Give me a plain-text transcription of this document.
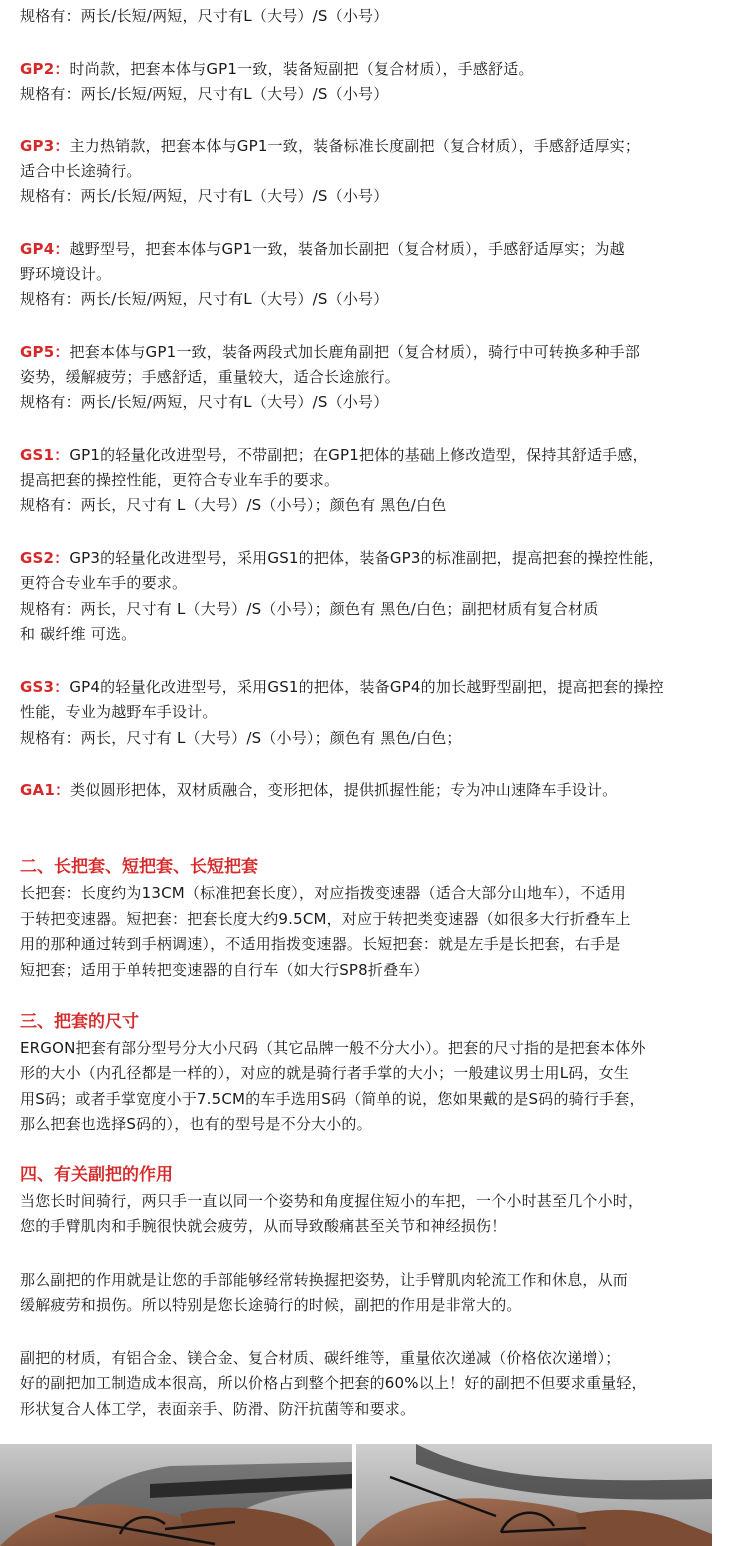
规格有：两长/长短/两短，尺寸有L（大号）/S（小号）
GP2：时尚款，把套本体与GP1一致，装备短副把（复合材质），手感舒适。
规格有：两长/长短/两短，尺寸有L（大号）/S（小号）
GP3：主力热销款，把套本体与GP1一致，装备标准长度副把（复合材质），手感舒适厚实；
适合中长途骑行。
规格有：两长/长短/两短，尺寸有L（大号）/S（小号）
GP4：越野型号，把套本体与GP1一致，装备加长副把（复合材质），手感舒适厚实；为越
野环境设计。
规格有：两长/长短/两短，尺寸有L（大号）/S（小号）
GP5：把套本体与GP1一致，装备两段式加长鹿角副把（复合材质），骑行中可转换多种手部
姿势，缓解疲劳；手感舒适，重量较大，适合长途旅行。
规格有：两长/长短/两短，尺寸有L（大号）/S（小号）
GS1：GP1的轻量化改进型号，不带副把；在GP1把体的基础上修改造型，保持其舒适手感，
提高把套的操控性能，更符合专业车手的要求。
规格有：两长，尺寸有 L（大号）/S（小号）；颜色有 黑色/白色
GS2：GP3的轻量化改进型号，采用GS1的把体，装备GP3的标准副把，提高把套的操控性能，
更符合专业车手的要求。
规格有：两长，尺寸有 L（大号）/S（小号）；颜色有 黑色/白色；副把材质有复合材质
和 碳纤维 可选。
GS3：GP4的轻量化改进型号，采用GS1的把体，装备GP4的加长越野型副把，提高把套的操控
性能，专业为越野车手设计。
规格有：两长，尺寸有 L（大号）/S（小号）；颜色有 黑色/白色；
GA1：类似圆形把体，双材质融合，变形把体，提供抓握性能；专为冲山速降车手设计。
二、长把套、短把套、长短把套
长把套：长度约为13CM（标准把套长度），对应指拨变速器（适合大部分山地车），不适用
于转把变速器。短把套：把套长度大约9.5CM，对应于转把类变速器（如很多大行折叠车上
用的那种通过转到手柄调速），不适用指拨变速器。长短把套：就是左手是长把套，右手是
短把套；适用于单转把变速器的自行车（如大行SP8折叠车）
三、把套的尺寸
ERGON把套有部分型号分大小尺码（其它品牌一般不分大小）。把套的尺寸指的是把套本体外
形的大小（内孔径都是一样的），对应的就是骑行者手掌的大小；一般建议男士用L码，女生
用S码；或者手掌宽度小于7.5CM的车手选用S码（简单的说，您如果戴的是S码的骑行手套，
那么把套也选择S码的），也有的型号是不分大小的。
四、有关副把的作用
当您长时间骑行，两只手一直以同一个姿势和角度握住短小的车把，一个小时甚至几个小时，
您的手臂肌肉和手腕很快就会疲劳，从而导致酸痛甚至关节和神经损伤！
那么副把的作用就是让您的手部能够经常转换握把姿势，让手臂肌肉轮流工作和休息，从而
缓解疲劳和损伤。所以特别是您长途骑行的时候，副把的作用是非常大的。
副把的材质，有铝合金、镁合金、复合材质、碳纤维等，重量依次递减（价格依次递增）；
好的副把加工制造成本很高，所以价格占到整个把套的60%以上！好的副把不但要求重量轻，
形状复合人体工学，表面亲手、防滑、防汗抗菌等和要求。
